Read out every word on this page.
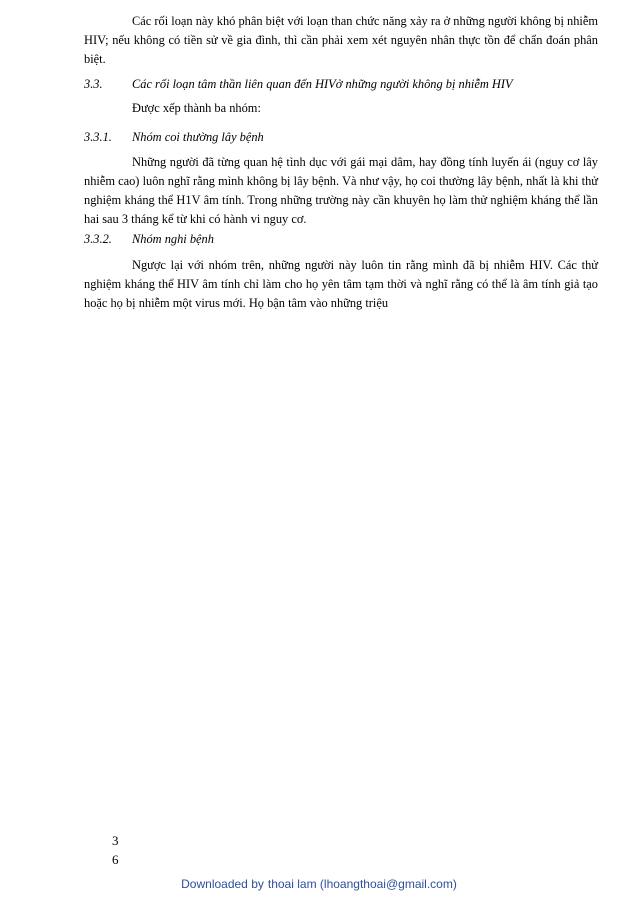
Các rối loạn này khó phân biệt với loạn than chức năng xảy ra ở những người không bị nhiễm HIV; nếu không có tiền sử về gia đình, thì cần phải xem xét nguyên nhân thực tồn để chẩn đoán phân biệt.

3.3. Các rối loạn tâm thần liên quan đến HIVở những người không bị nhiễm HIV

Được xếp thành ba nhóm:

3.3.1. Nhóm coi thường lây bệnh

Những người đã từng quan hệ tình dục với gái mại dâm, hay đồng tính luyến ái (nguy cơ lây nhiễm cao) luôn nghĩ rằng mình không bị lây bệnh. Và như vậy, họ coi thường lây bệnh, nhất là khi thử nghiệm kháng thể H1V âm tính. Trong những trường này cần khuyên họ làm thử nghiệm kháng thể lần hai sau 3 tháng kể từ khi có hành vi nguy cơ.

3.3.2. Nhóm nghi bệnh

Ngược lại với nhóm trên, những người này luôn tin rằng mình đã bị nhiễm HIV. Các thử nghiệm kháng thể HIV âm tính chỉ làm cho họ yên tâm tạm thời và nghĩ rằng có thể là âm tính giả tạo hoặc họ bị nhiễm một virus mới. Họ bận tâm vào những triệu

3
6
Downloaded by thoai lam (lhoangthoai@gmail.com)
